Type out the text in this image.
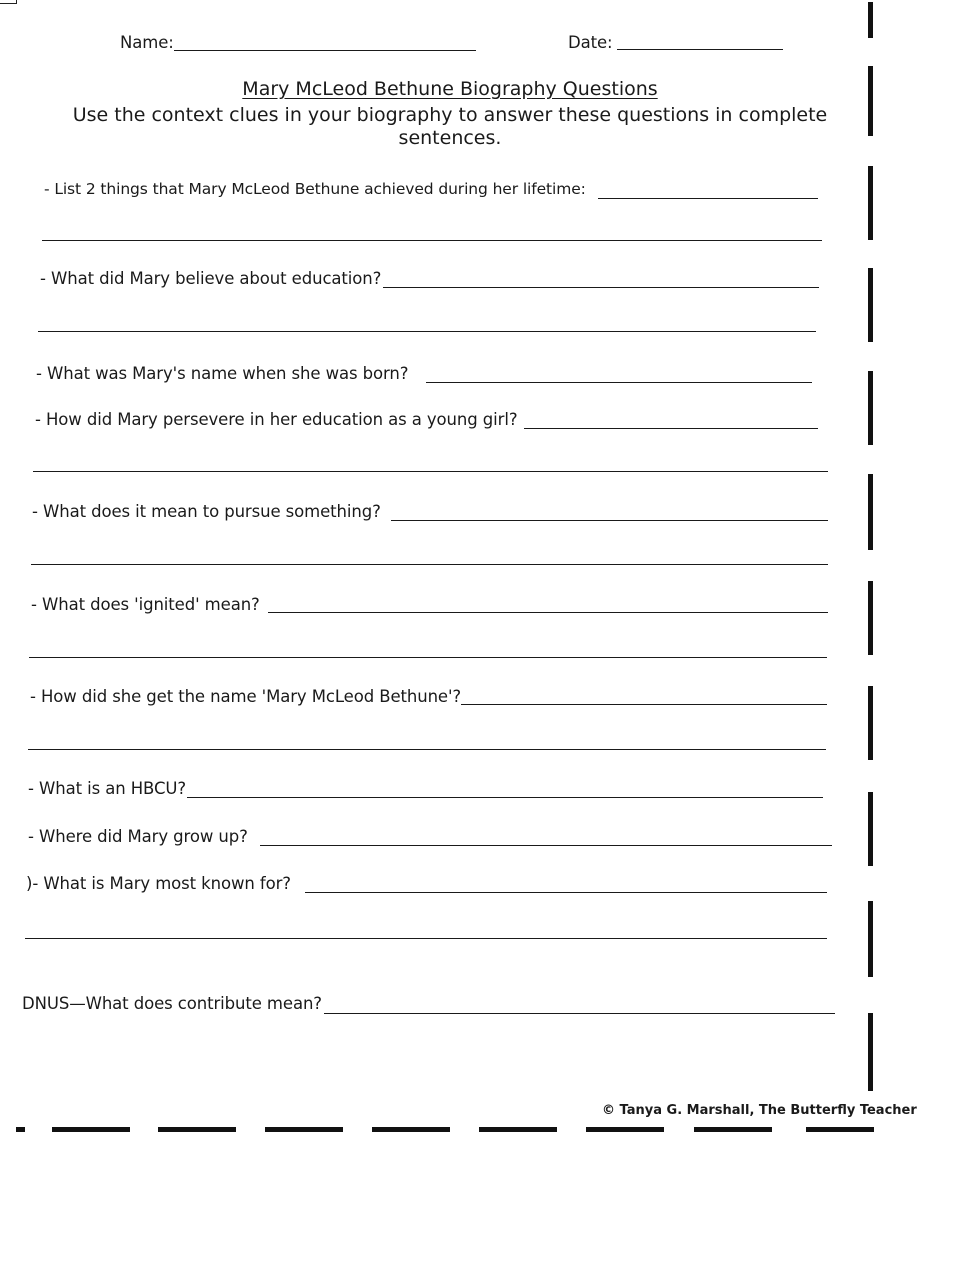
Name:	Date:
Mary McLeod Bethune Biography Questions
Use the context clues in your biography to answer these questions in complete sentences.
- List 2 things that Mary McLeod Bethune achieved during her lifetime:
- What did Mary believe about education?
- What was Mary's name when she was born?
- How did Mary persevere in her education as a young girl?
- What does it mean to pursue something?
- What does 'ignited' mean?
- How did she get the name 'Mary McLeod Bethune'?
- What is an HBCU?
- Where did Mary grow up?
)- What is Mary most known for?
DNUS—What does contribute mean?
© Tanya G. Marshall, The Butterfly Teacher
